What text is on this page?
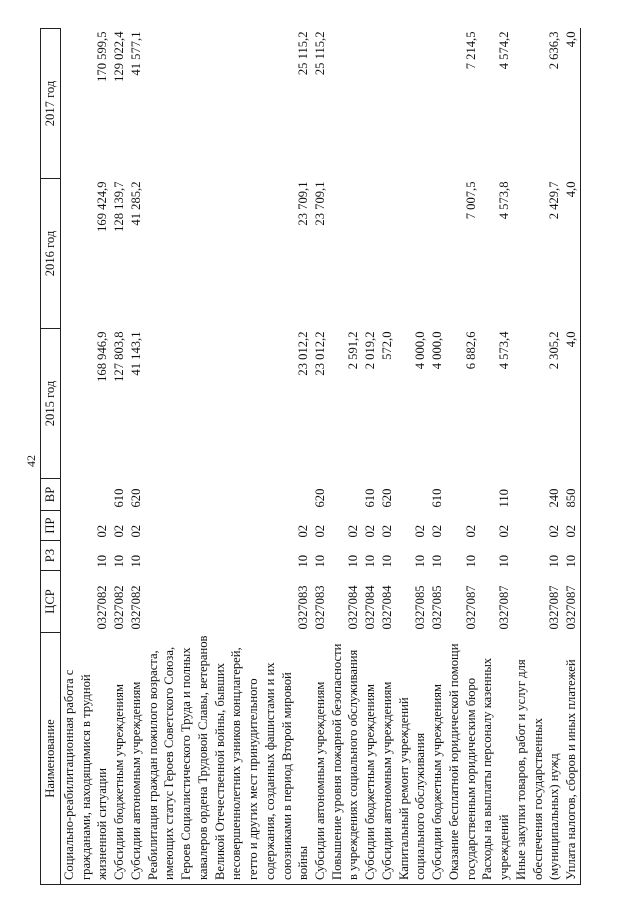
42
Наименование	ЦСР	РЗ	ПР	ВР	2015 год	2016 год	2017 год
Социально-реабилитационная работа с гражданами, находящимися в трудной жизненной ситуации	0327082	10	02		168 946,9	169 424,9	170 599,5
Субсидии бюджетным учреждениям	0327082	10	02	610	127 803,8	128 139,7	129 022,4
Субсидии автономным учреждениям	0327082	10	02	620	41 143,1	41 285,2	41 577,1
Реабилитация граждан пожилого возраста, имеющих статус Героев Советского Союза, Героев Социалистического Труда и полных кавалеров ордена Трудовой Славы, ветеранов Великой Отечественной войны, бывших несовершеннолетних узников концлагерей, гетто и других мест принудительного содержания, созданных фашистами и их союзниками в период Второй мировой войны	0327083	10	02		23 012,2	23 709,1	25 115,2
Субсидии автономным учреждениям	0327083	10	02	620	23 012,2	23 709,1	25 115,2
Повышение уровня пожарной безопасности в учреждениях социального обслуживания	0327084	10	02		2 591,2		
Субсидии бюджетным учреждениям	0327084	10	02	610	2 019,2		
Субсидии автономным учреждениям	0327084	10	02	620	572,0		
Капитальный ремонт учреждений социального обслуживания	0327085	10	02		4 000,0		
Субсидии бюджетным учреждениям	0327085	10	02	610	4 000,0		
Оказание бесплатной юридической помощи государственным юридическим бюро	0327087	10	02		6 882,6	7 007,5	7 214,5
Расходы на выплаты персоналу казенных учреждений	0327087	10	02	110	4 573,4	4 573,8	4 574,2
Иные закупки товаров, работ и услуг для обеспечения государственных (муниципальных) нужд	0327087	10	02	240	2 305,2	2 429,7	2 636,3
Уплата налогов, сборов и иных платежей	0327087	10	02	850	4,0	4,0	4,0
